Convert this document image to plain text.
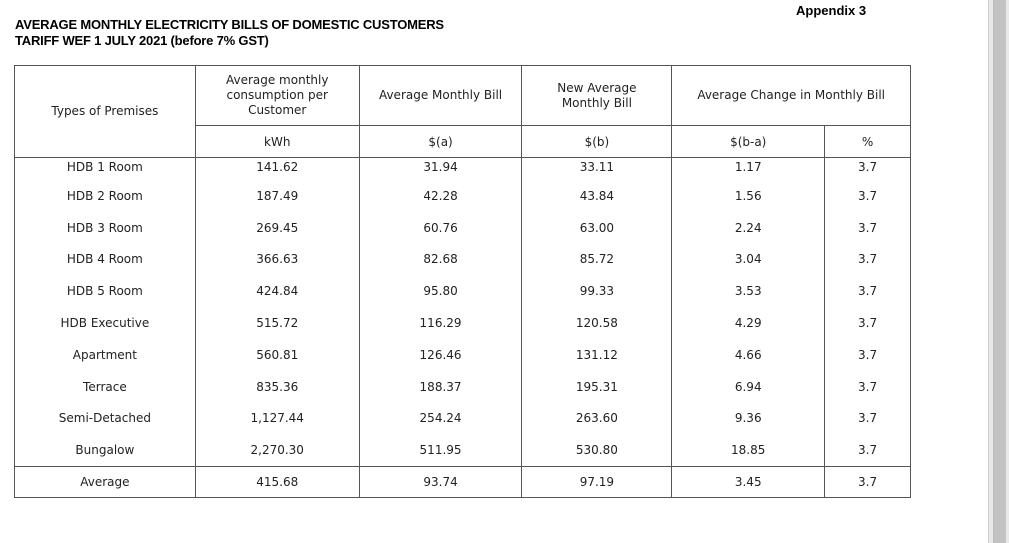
Appendix 3
AVERAGE MONTHLY ELECTRICITY BILLS OF DOMESTIC CUSTOMERS
TARIFF WEF 1 JULY 2021 (before 7% GST)
Types of Premises	Average monthly consumption per Customer	Average Monthly Bill	New Average Monthly Bill	Average Change in Monthly Bill	
	kWh	$(a)	$(b)	$(b-a)	%
HDB 1 Room	141.62	31.94	33.11	1.17	3.7
HDB 2 Room	187.49	42.28	43.84	1.56	3.7
HDB 3 Room	269.45	60.76	63.00	2.24	3.7
HDB 4 Room	366.63	82.68	85.72	3.04	3.7
HDB 5 Room	424.84	95.80	99.33	3.53	3.7
HDB Executive	515.72	116.29	120.58	4.29	3.7
Apartment	560.81	126.46	131.12	4.66	3.7
Terrace	835.36	188.37	195.31	6.94	3.7
Semi-Detached	1,127.44	254.24	263.60	9.36	3.7
Bungalow	2,270.30	511.95	530.80	18.85	3.7
Average	415.68	93.74	97.19	3.45	3.7
